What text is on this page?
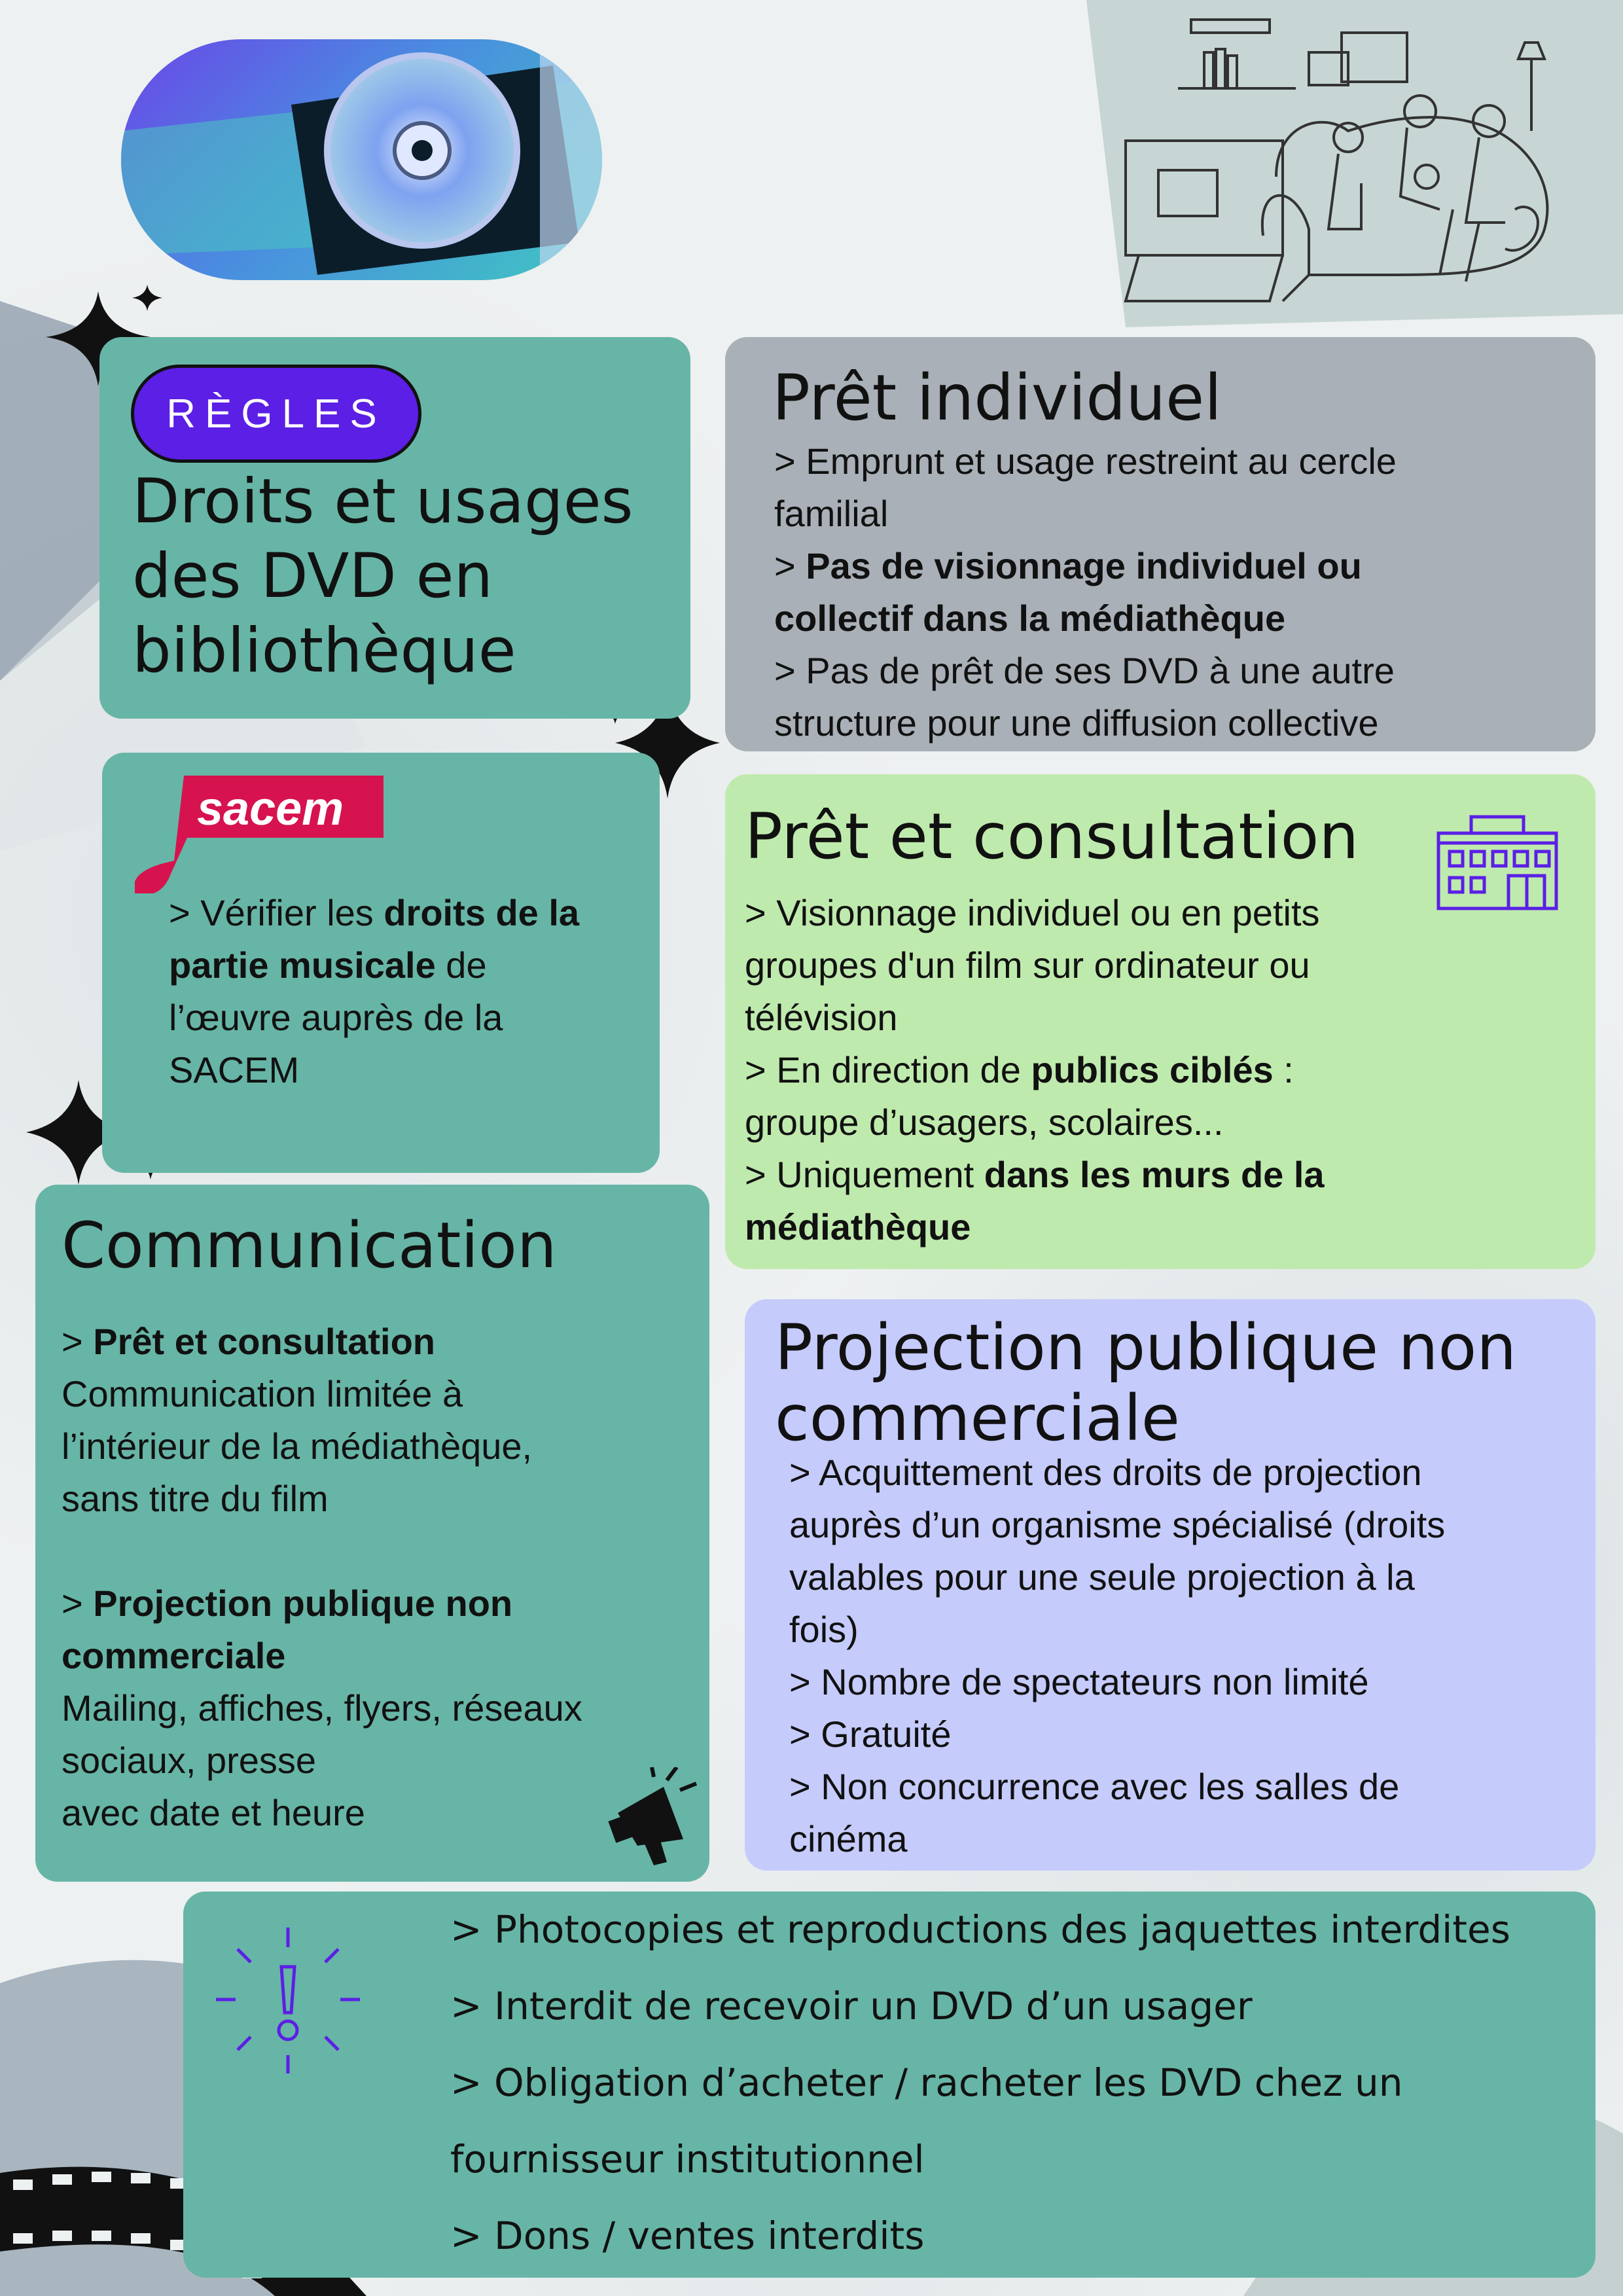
RÈGLES
Droits et usages
des DVD en
bibliothèque
Prêt individuel
> Emprunt et usage restreint au cercle
familial
> Pas de visionnage individuel ou
collectif dans la médiathèque
> Pas de prêt de ses DVD à une autre
structure pour une diffusion collective
sacem
> Vérifier les droits de la
partie musicale de
l’œuvre auprès de la
SACEM
Prêt et consultation
> Visionnage individuel ou en petits
groupes d'un film sur ordinateur ou
télévision
> En direction de publics ciblés :
groupe d’usagers, scolaires...
> Uniquement dans les murs de la
médiathèque
Communication
> Prêt et consultation
Communication limitée à
l’intérieur de la médiathèque,
sans titre du film
> Projection publique non
commerciale
Mailing, affiches, flyers, réseaux
sociaux, presse
avec date et heure
Projection publique non
commerciale
> Acquittement des droits de projection
auprès d’un organisme spécialisé (droits
valables pour une seule projection à la
fois)
> Nombre de spectateurs non limité
> Gratuité
> Non concurrence avec les salles de
cinéma
> Photocopies et reproductions des jaquettes interdites
> Interdit de recevoir un DVD d’un usager
> Obligation d’acheter / racheter les DVD chez un
fournisseur institutionnel
> Dons / ventes interdits
